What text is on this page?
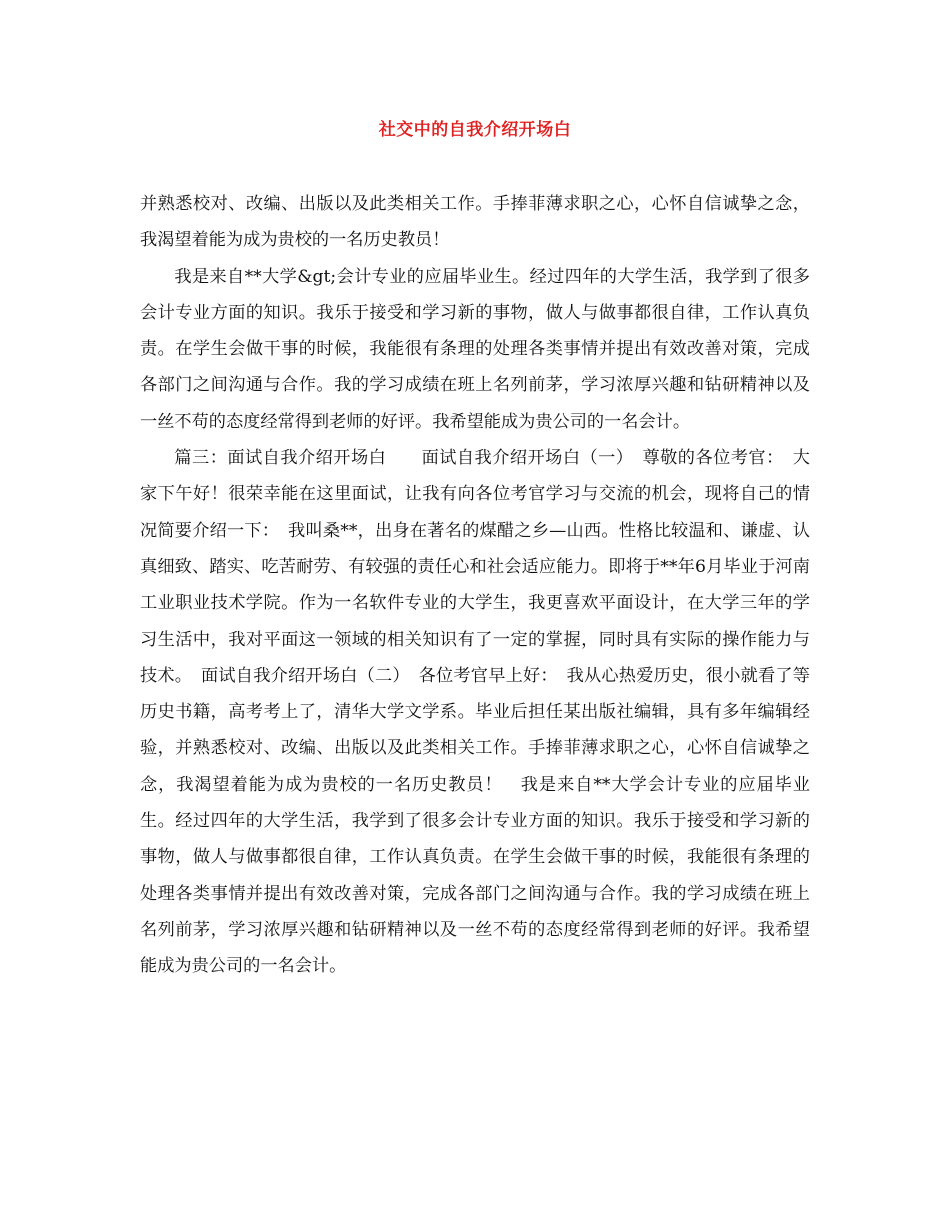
社交中的自我介绍开场白

并熟悉校对、改编、出版以及此类相关工作。手捧菲薄求职之心，心怀自信诚挚之念，我渴望着能为成为贵校的一名历史教员！

我是来自**大学&gt;会计专业的应届毕业生。经过四年的大学生活，我学到了很多会计专业方面的知识。我乐于接受和学习新的事物，做人与做事都很自律，工作认真负责。在学生会做干事的时候，我能很有条理的处理各类事情并提出有效改善对策，完成各部门之间沟通与合作。我的学习成绩在班上名列前茅，学习浓厚兴趣和钻研精神以及一丝不苟的态度经常得到老师的好评。我希望能成为贵公司的一名会计。

篇三：面试自我介绍开场白　　面试自我介绍开场白（一）　尊敬的各位考官：　大家下午好！很荣幸能在这里面试，让我有向各位考官学习与交流的机会，现将自己的情况简要介绍一下：　我叫桑**，出身在著名的煤醋之乡—山西。性格比较温和、谦虚、认真细致、踏实、吃苦耐劳、有较强的责任心和社会适应能力。即将于**年6月毕业于河南工业职业技术学院。作为一名软件专业的大学生，我更喜欢平面设计，在大学三年的学习生活中，我对平面这一领域的相关知识有了一定的掌握，同时具有实际的操作能力与技术。　面试自我介绍开场白（二）　各位考官早上好：　我从心热爱历史，很小就看了等历史书籍，高考考上了，清华大学文学系。毕业后担任某出版社编辑，具有多年编辑经验，并熟悉校对、改编、出版以及此类相关工作。手捧菲薄求职之心，心怀自信诚挚之念，我渴望着能为成为贵校的一名历史教员！　我是来自**大学会计专业的应届毕业生。经过四年的大学生活，我学到了很多会计专业方面的知识。我乐于接受和学习新的事物，做人与做事都很自律，工作认真负责。在学生会做干事的时候，我能很有条理的处理各类事情并提出有效改善对策，完成各部门之间沟通与合作。我的学习成绩在班上名列前茅，学习浓厚兴趣和钻研精神以及一丝不苟的态度经常得到老师的好评。我希望能成为贵公司的一名会计。
